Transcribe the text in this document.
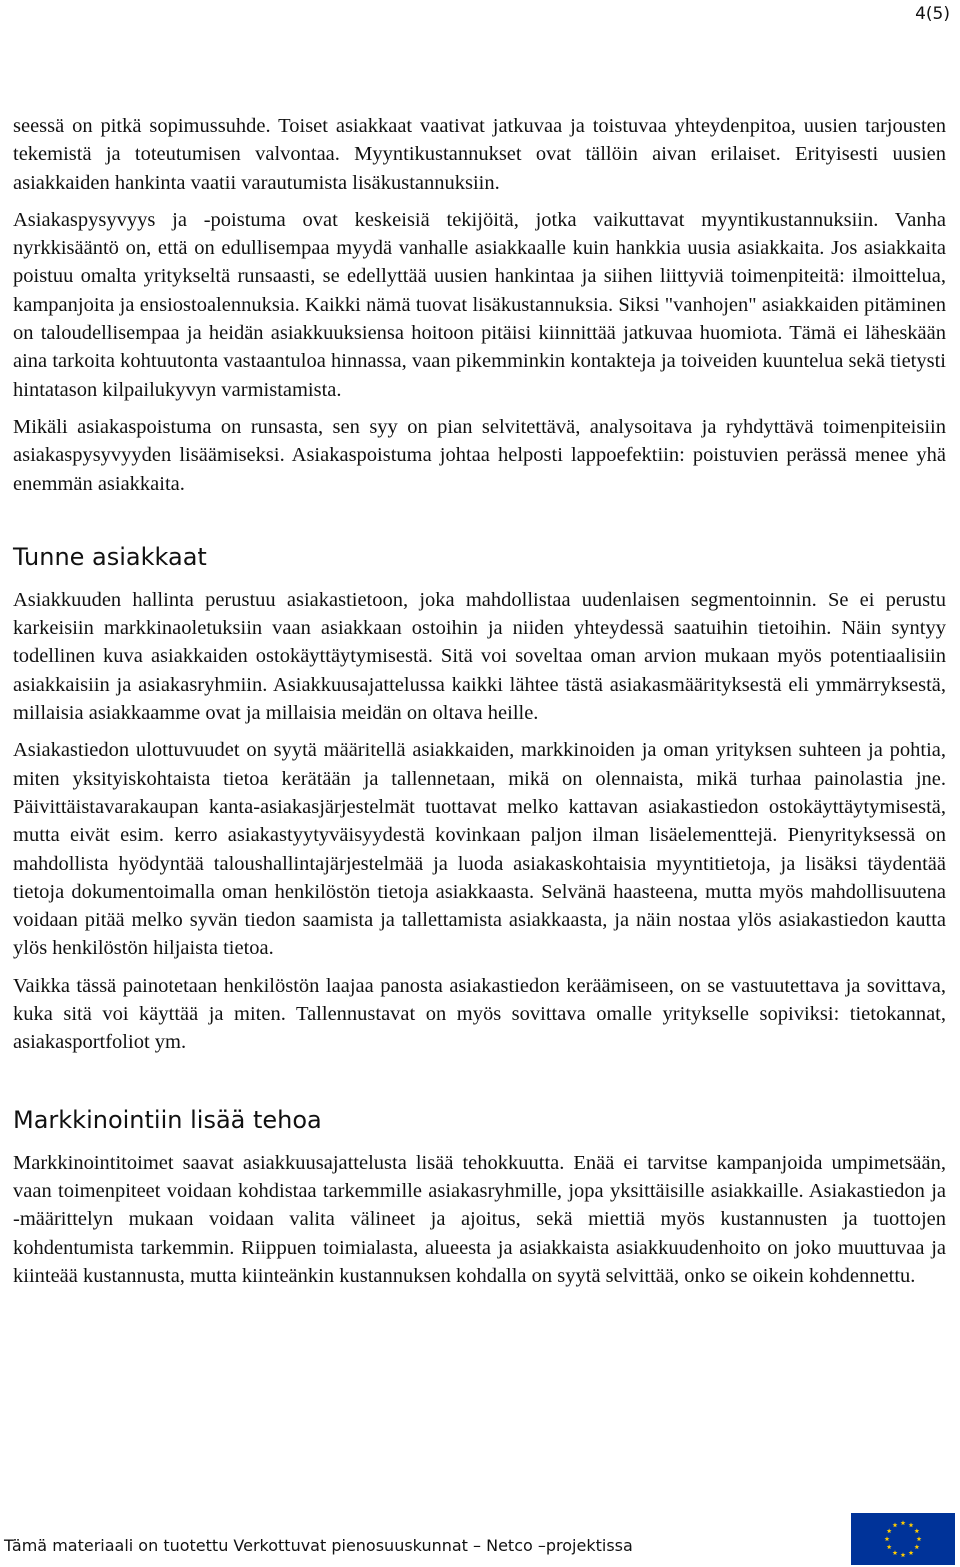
4(5)

seessä on pitkä sopimussuhde. Toiset asiakkaat vaativat jatkuvaa ja toistuvaa yhteydenpitoa, uusien tarjousten tekemistä ja toteutumisen valvontaa. Myyntikustannukset ovat tällöin aivan erilaiset. Erityisesti uusien asiakkaiden hankinta vaatii varautumista lisäkustannuksiin.

Asiakaspysyvyys ja -poistuma ovat keskeisiä tekijöitä, jotka vaikuttavat myyntikustannuksiin. Vanha nyrkkisääntö on, että on edullisempaa myydä vanhalle asiakkaalle kuin hankkia uusia asiakkaita. Jos asiakkaita poistuu omalta yritykseltä runsaasti, se edellyttää uusien hankintaa ja siihen liittyviä toimenpiteitä: ilmoittelua, kampanjoita ja ensiostoalennuksia. Kaikki nämä tuovat lisäkustannuksia. Siksi "vanhojen" asiakkaiden pitäminen on taloudellisempaa ja heidän asiakkuuksiensa hoitoon pitäisi kiinnittää jatkuvaa huomiota. Tämä ei läheskään aina tarkoita kohtuutonta vastaantuloa hinnassa, vaan pikemminkin kontakteja ja toiveiden kuuntelua sekä tietysti hintatason kilpailukyvyn varmistamista.

Mikäli asiakaspoistuma on runsasta, sen syy on pian selvitettävä, analysoitava ja ryhdyttävä toimenpiteisiin asiakaspysyvyyden lisäämiseksi. Asiakaspoistuma johtaa helposti lappoefektiin: poistuvien perässä menee yhä enemmän asiakkaita.

Tunne asiakkaat

Asiakkuuden hallinta perustuu asiakastietoon, joka mahdollistaa uudenlaisen segmentoinnin. Se ei perustu karkeisiin markkinaoletuksiin vaan asiakkaan ostoihin ja niiden yhteydessä saatuihin tietoihin. Näin syntyy todellinen kuva asiakkaiden ostokäyttäytymisestä. Sitä voi soveltaa oman arvion mukaan myös potentiaalisiin asiakkaisiin ja asiakasryhmiin. Asiakkuusajattelussa kaikki lähtee tästä asiakasmäärityksestä eli ymmärryksestä, millaisia asiakkaamme ovat ja millaisia meidän on oltava heille.

Asiakastiedon ulottuvuudet on syytä määritellä asiakkaiden, markkinoiden ja oman yrityksen suhteen ja pohtia, miten yksityiskohtaista tietoa kerätään ja tallennetaan, mikä on olennaista, mikä turhaa painolastia jne. Päivittäistavarakaupan kanta-asiakasjärjestelmät tuottavat melko kattavan asiakastiedon ostokäyttäytymisestä, mutta eivät esim. kerro asiakastyytyväisyydestä kovinkaan paljon ilman lisäelementtejä. Pienyrityksessä on mahdollista hyödyntää taloushallintajärjestelmää ja luoda asiakaskohtaisia myyntitietoja, ja lisäksi täydentää tietoja dokumentoimalla oman henkilöstön tietoja asiakkaasta. Selvänä haasteena, mutta myös mahdollisuutena voidaan pitää melko syvän tiedon saamista ja tallettamista asiakkaasta, ja näin nostaa ylös asiakastiedon kautta ylös henkilöstön hiljaista tietoa.

Vaikka tässä painotetaan henkilöstön laajaa panosta asiakastiedon keräämiseen, on se vastuutettava ja sovittava, kuka sitä voi käyttää ja miten. Tallennustavat on myös sovittava omalle yritykselle sopiviksi: tietokannat, asiakasportfoliot ym.

Markkinointiin lisää tehoa

Markkinointitoimet saavat asiakkuusajattelusta lisää tehokkuutta. Enää ei tarvitse kampanjoida umpimetsään, vaan toimenpiteet voidaan kohdistaa tarkemmille asiakasryhmille, jopa yksittäisille asiakkaille. Asiakastiedon ja -määrittelyn mukaan voidaan valita välineet ja ajoitus, sekä miettiä myös kustannusten ja tuottojen kohdentumista tarkemmin. Riippuen toimialasta, alueesta ja asiakkaista asiakkuudenhoito on joko muuttuvaa ja kiinteää kustannusta, mutta kiinteänkin kustannuksen kohdalla on syytä selvittää, onko se oikein kohdennettu.

Tämä materiaali on tuotettu Verkottuvat pienosuuskunnat – Netco –projektissa
